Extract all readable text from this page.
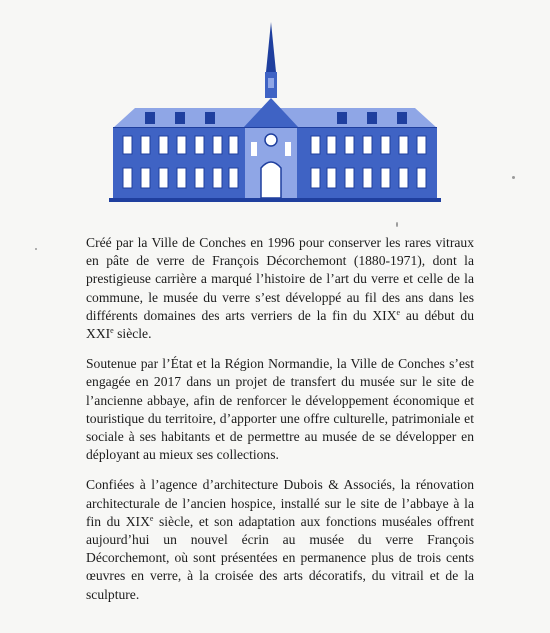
Créé par la Ville de Conches en 1996 pour conserver les rares vitraux en pâte de verre de François Décorchemont (1880-1971), dont la prestigieuse carrière a marqué l’histoire de l’art du verre et celle de la commune, le musée du verre s’est développé au fil des ans dans les différents domaines des arts verriers de la fin du XIXe au début du XXIe siècle.

Soutenue par l’État et la Région Normandie, la Ville de Conches s’est engagée en 2017 dans un projet de transfert du musée sur le site de l’ancienne abbaye, afin de renforcer le développement économique et touristique du territoire, d’apporter une offre culturelle, patrimoniale et sociale à ses habitants et de permettre au musée de se développer en déployant au mieux ses collections.

Confiées à l’agence d’architecture Dubois & Associés, la rénovation architecturale de l’ancien hospice, installé sur le site de l’abbaye à la fin du XIXe siècle, et son adaptation aux fonctions muséales offrent aujourd’hui un nouvel écrin au musée du verre François Décorchemont, où sont présentées en permanence plus de trois cents œuvres en verre, à la croisée des arts décoratifs, du vitrail et de la sculpture.
